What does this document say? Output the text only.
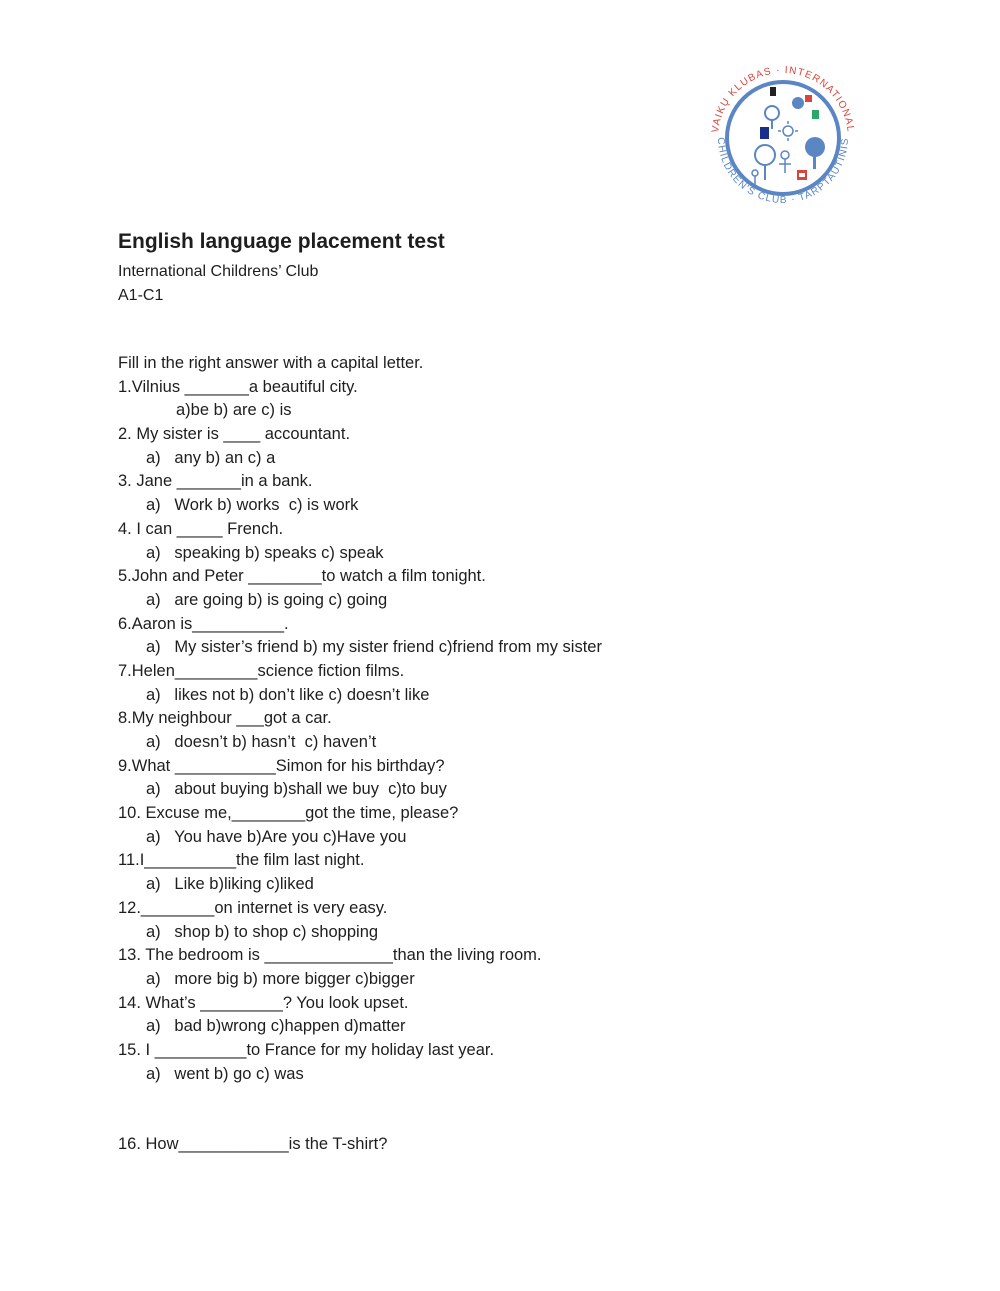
VAIKŲ KLUBAS · INTERNATIONAL
CHILDREN'S CLUB · TARPTAUTINIS
English language placement test
International Childrens’ Club
A1-C1
Fill in the right answer with a capital letter.
1.Vilnius _______a beautiful city.
a)be b) are c) is
2. My sister is ____ accountant.
a)   any b) an c) a
3. Jane _______in a bank.
a)   Work b) works  c) is work
4. I can _____ French.
a)   speaking b) speaks c) speak
5.John and Peter ________to watch a film tonight.
a)   are going b) is going c) going
6.Aaron is__________.
a)   My sister’s friend b) my sister friend c)friend from my sister
7.Helen_________science fiction films.
a)   likes not b) don’t like c) doesn’t like
8.My neighbour ___got a car.
a)   doesn’t b) hasn’t  c) haven’t
9.What ___________Simon for his birthday?
a)   about buying b)shall we buy  c)to buy
10. Excuse me,________got the time, please?
a)   You have b)Are you c)Have you
11.I__________the film last night.
a)   Like b)liking c)liked
12.________on internet is very easy.
a)   shop b) to shop c) shopping
13. The bedroom is ______________than the living room.
a)   more big b) more bigger c)bigger
14. What’s _________? You look upset.
a)   bad b)wrong c)happen d)matter
15. I __________to France for my holiday last year.
a)   went b) go c) was
16. How____________is the T-shirt?
